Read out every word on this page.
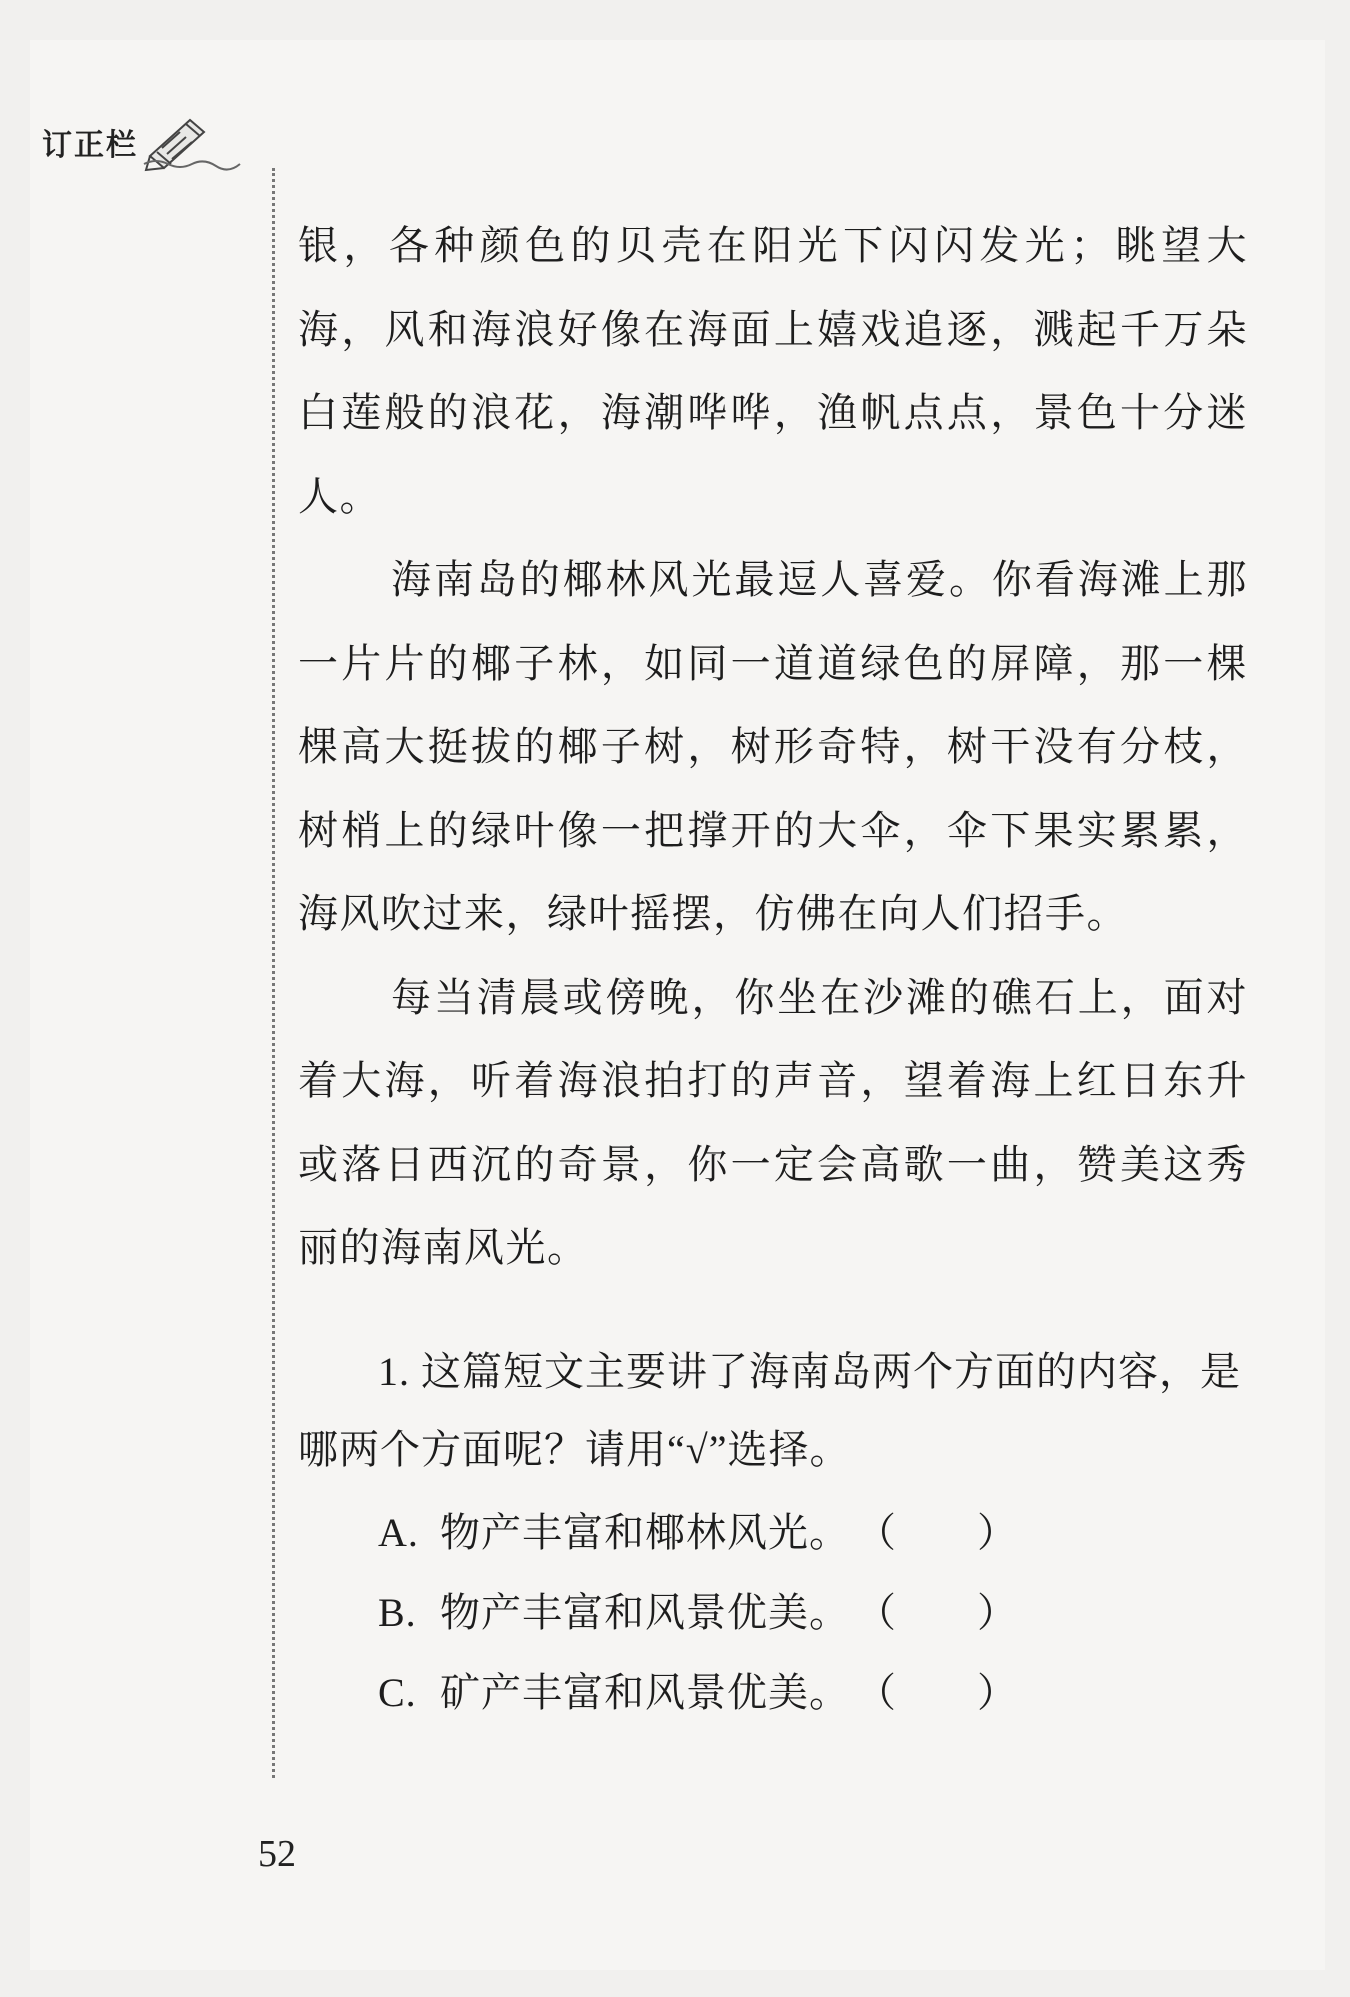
订正栏

银，各种颜色的贝壳在阳光下闪闪发光；眺望大海，风和海浪好像在海面上嬉戏追逐，溅起千万朵白莲般的浪花，海潮哗哗，渔帆点点，景色十分迷人。

海南岛的椰林风光最逗人喜爱。你看海滩上那一片片的椰子林，如同一道道绿色的屏障，那一棵棵高大挺拔的椰子树，树形奇特，树干没有分枝，树梢上的绿叶像一把撑开的大伞，伞下果实累累，海风吹过来，绿叶摇摆，仿佛在向人们招手。

每当清晨或傍晚，你坐在沙滩的礁石上，面对着大海，听着海浪拍打的声音，望着海上红日东升或落日西沉的奇景，你一定会高歌一曲，赞美这秀丽的海南风光。

1. 这篇短文主要讲了海南岛两个方面的内容，是哪两个方面呢？请用“√”选择。

A. 物产丰富和椰林风光。 （ ）
B. 物产丰富和风景优美。 （ ）
C. 矿产丰富和风景优美。 （ ）
52
